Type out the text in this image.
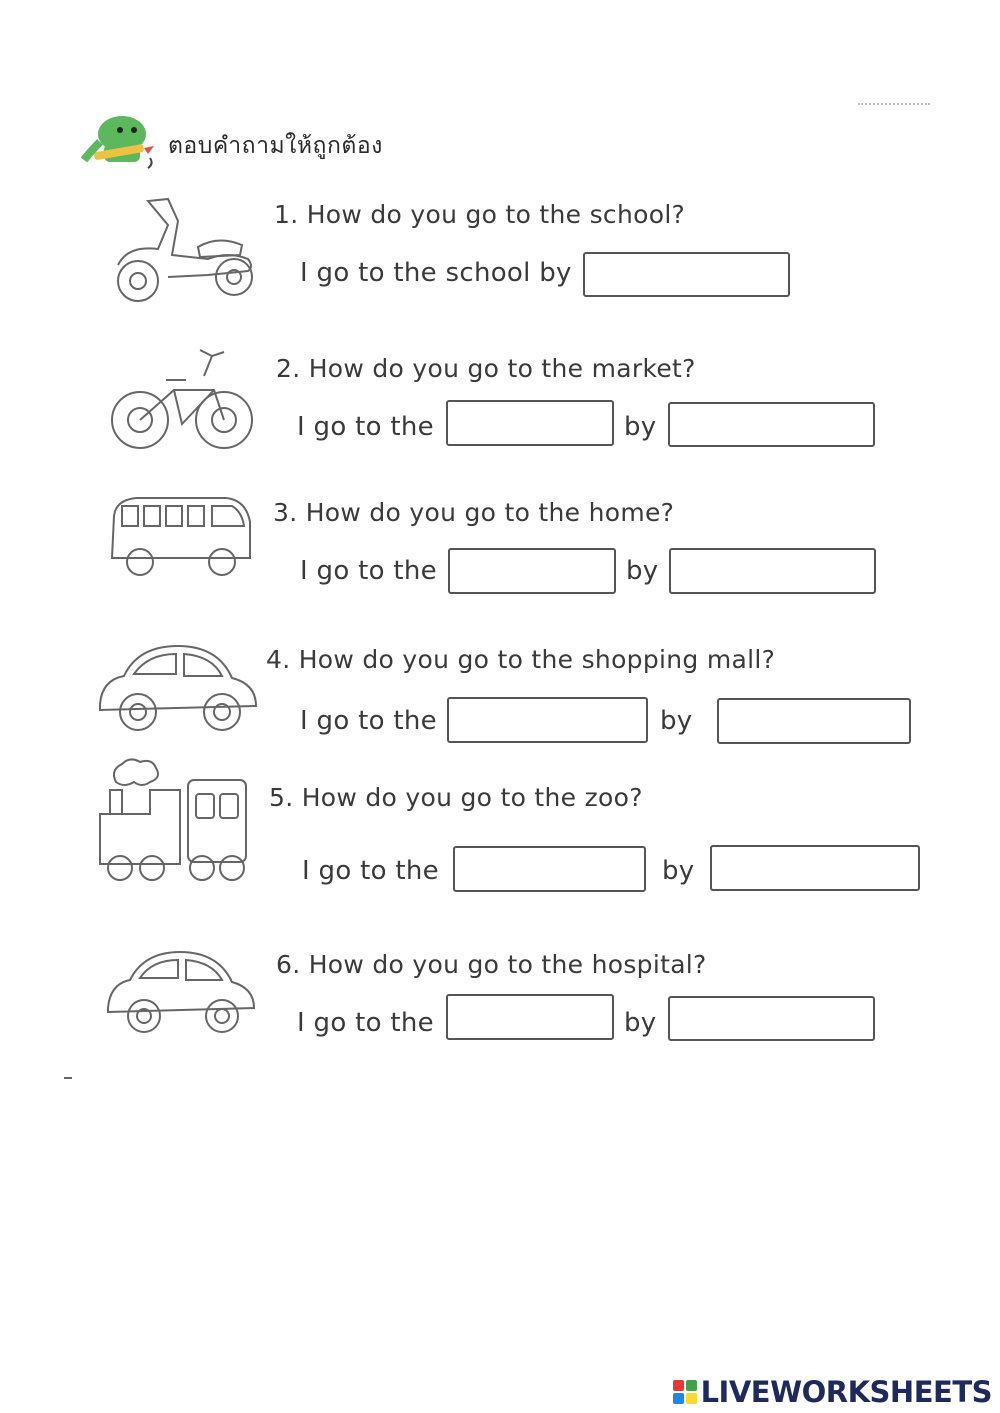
ตอบคำถามให้ถูกต้อง
1. How do you go to the school?
I go to the school by
2. How do you go to the market?
I go to the	by
3. How do you go to the home?
I go to the	by
4. How do you go to the shopping mall?
I go to the	by
5. How do you go to the zoo?
I go to the	by
6. How do you go to the hospital?
I go to the	by
LIVEWORKSHEETS
